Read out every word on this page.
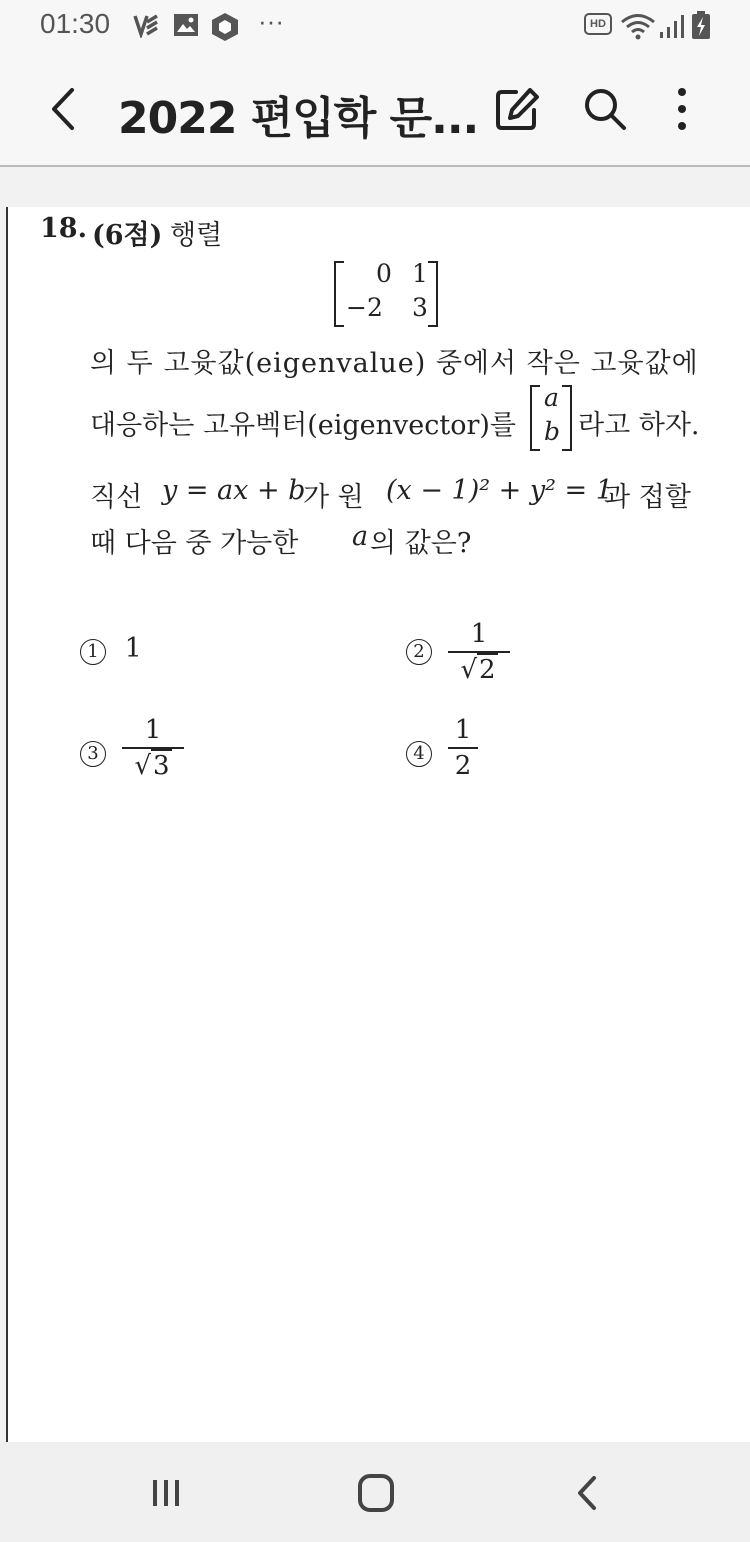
01:30	···	HD
2022 편입학 문...
18. (6점) 행렬
0 1
−2 3
의 두 고윳값(eigenvalue) 중에서 작은 고윳값에
대응하는 고유벡터(eigenvector)를
a
b 라고 하자.
직선 y = ax + b
가 원 (x − 1)² + y² = 1
과 접할
때 다음 중 가능한 a 의 값은?
1 1	2
1
√2
3
1
√3	4
1
2
